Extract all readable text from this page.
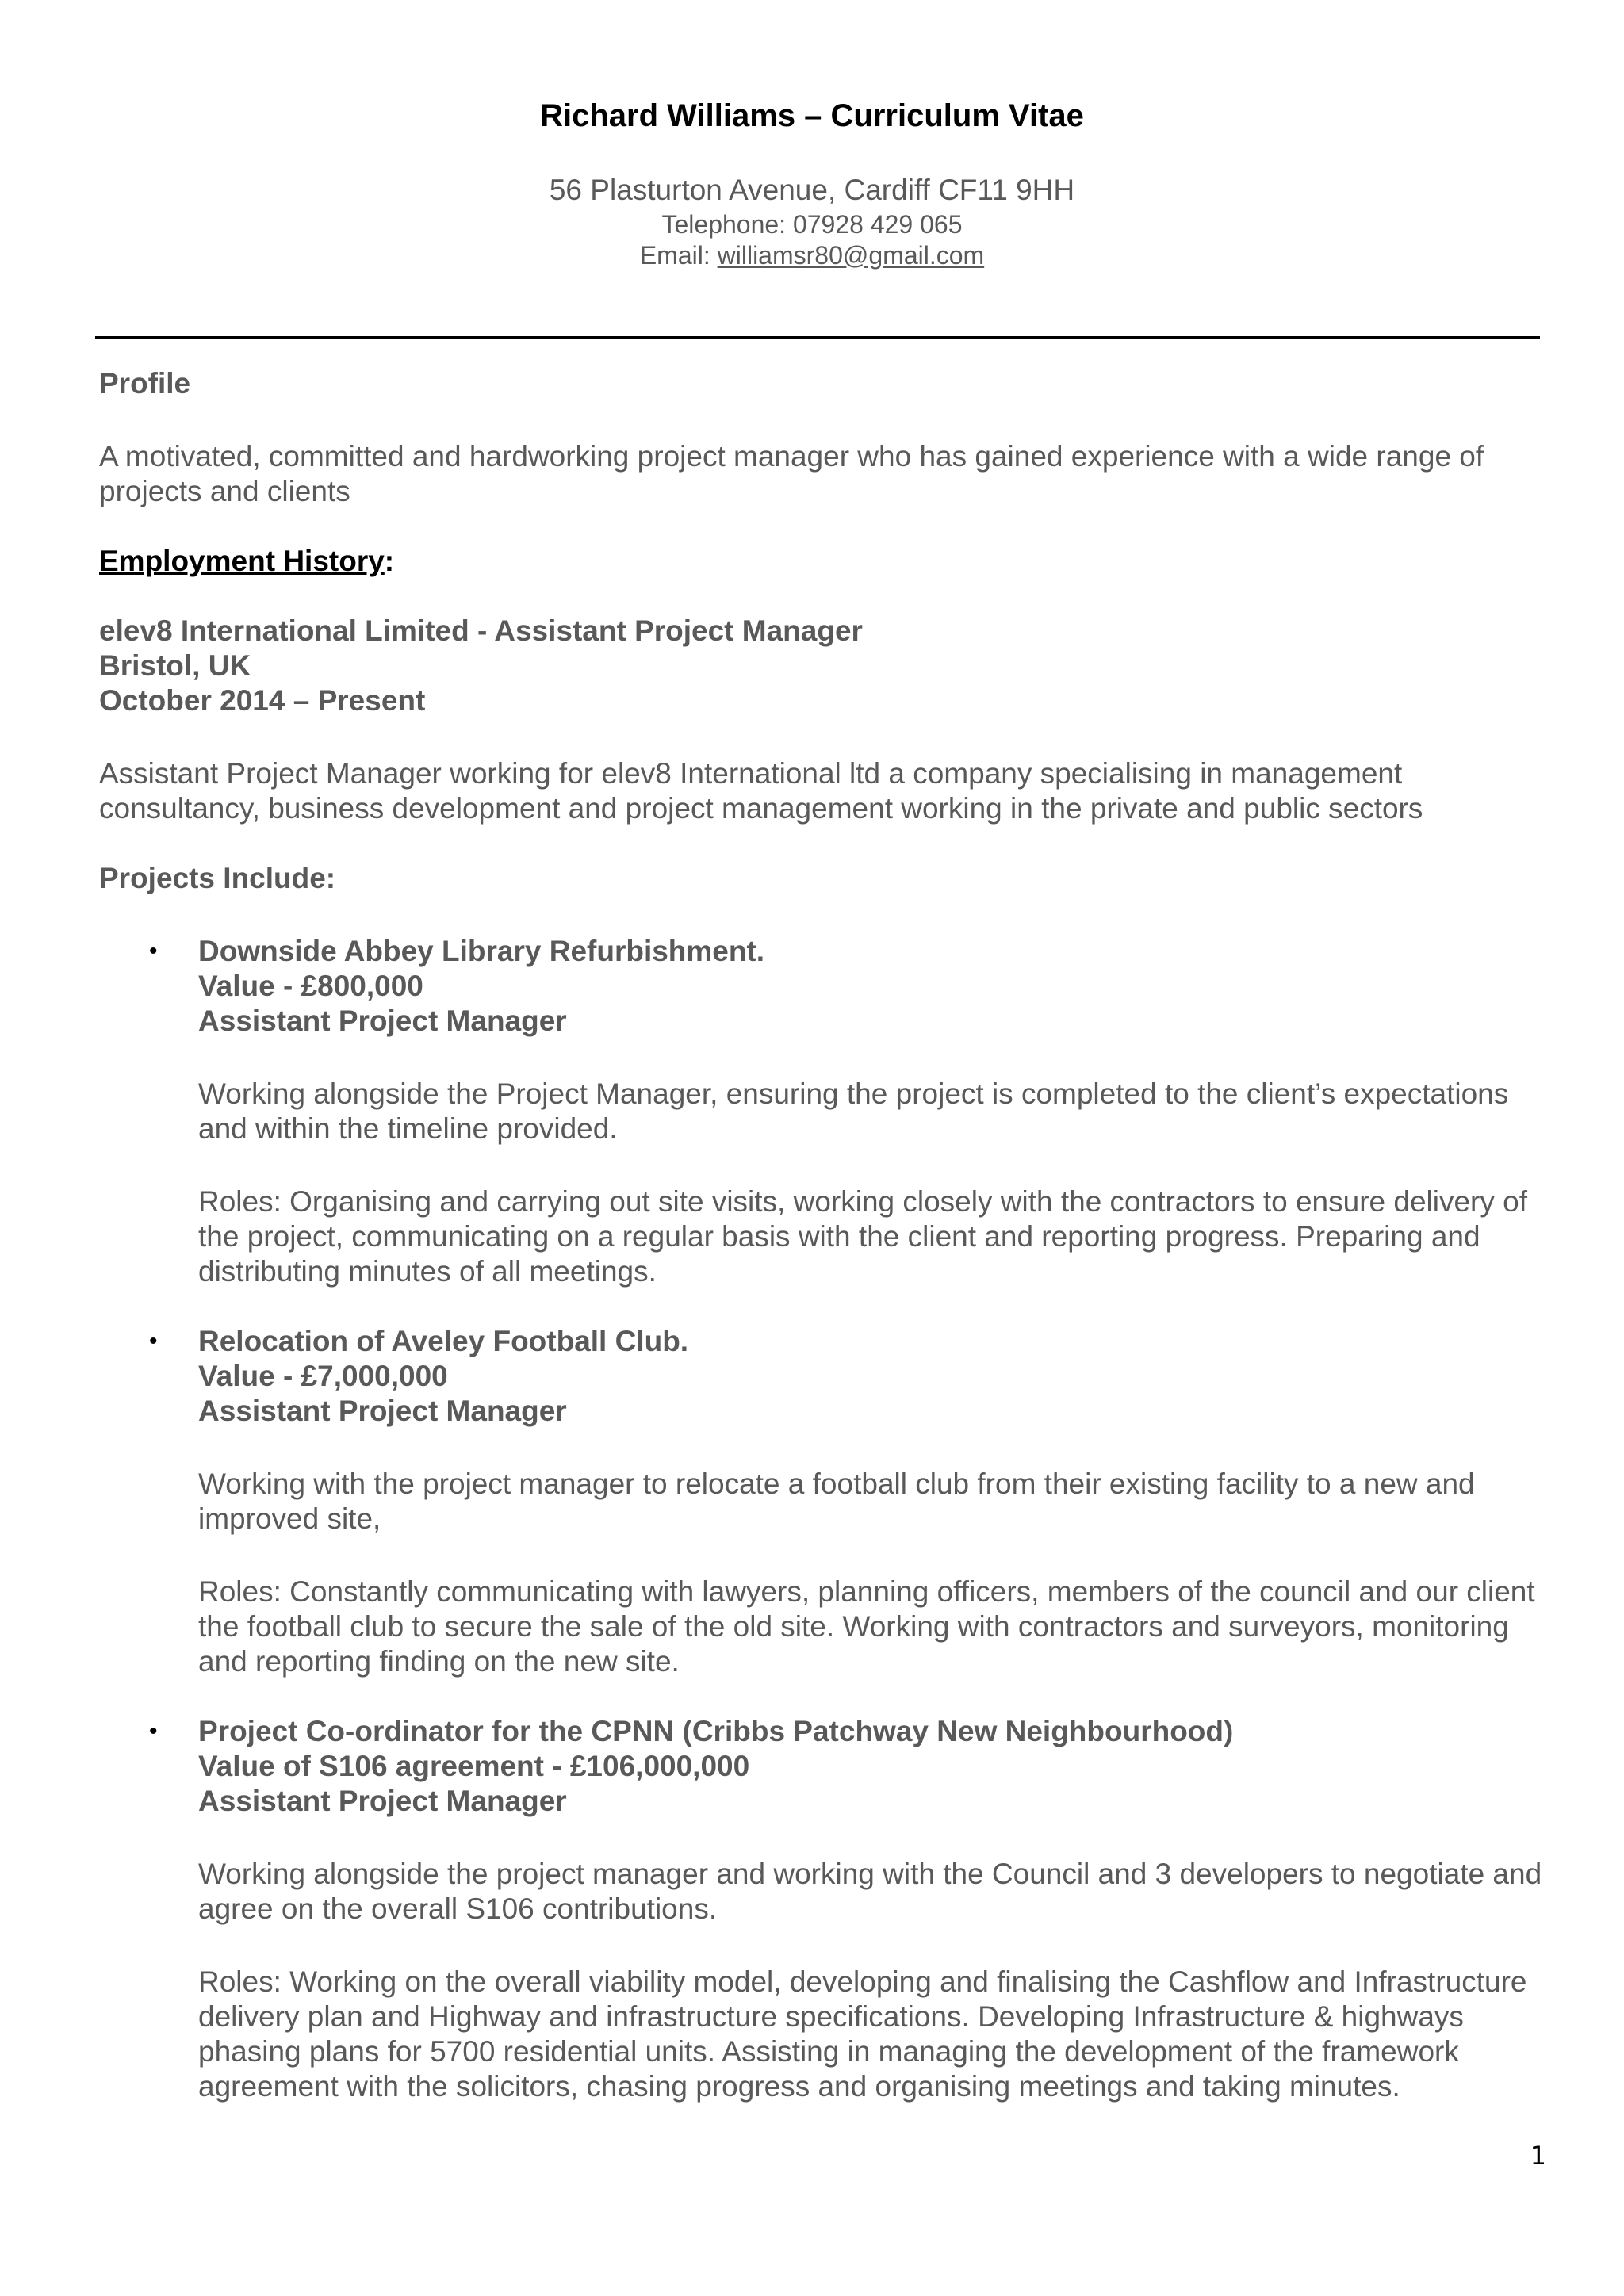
Richard Williams – Curriculum Vitae
56 Plasturton Avenue, Cardiff CF11 9HH
Telephone: 07928 429 065
Email: williamsr80@gmail.com

Profile

A motivated, committed and hardworking project manager who has gained experience with a wide range of projects and clients

Employment History:

elev8 International Limited - Assistant Project Manager

Bristol, UK

October 2014 – Present

Assistant Project Manager working for elev8 International ltd a company specialising in management consultancy, business development and project management working in the private and public sectors

Projects Include:

• Downside Abbey Library Refurbishment.

Value - £800,000

Assistant Project Manager

Working alongside the Project Manager, ensuring the project is completed to the client’s expectations and within the timeline provided.

Roles: Organising and carrying out site visits, working closely with the contractors to ensure delivery of the project, communicating on a regular basis with the client and reporting progress. Preparing and distributing minutes of all meetings.

• Relocation of Aveley Football Club.

Value - £7,000,000

Assistant Project Manager

Working with the project manager to relocate a football club from their existing facility to a new and improved site,

Roles: Constantly communicating with lawyers, planning officers, members of the council and our client the football club to secure the sale of the old site. Working with contractors and surveyors, monitoring and reporting finding on the new site.

• Project Co-ordinator for the CPNN (Cribbs Patchway New Neighbourhood)

Value of S106 agreement - £106,000,000

Assistant Project Manager

Working alongside the project manager and working with the Council and 3 developers to negotiate and agree on the overall S106 contributions.

Roles: Working on the overall viability model, developing and finalising the Cashflow and Infrastructure delivery plan and Highway and infrastructure specifications. Developing Infrastructure & highways phasing plans for 5700 residential units. Assisting in managing the development of the framework agreement with the solicitors, chasing progress and organising meetings and taking minutes.

1
